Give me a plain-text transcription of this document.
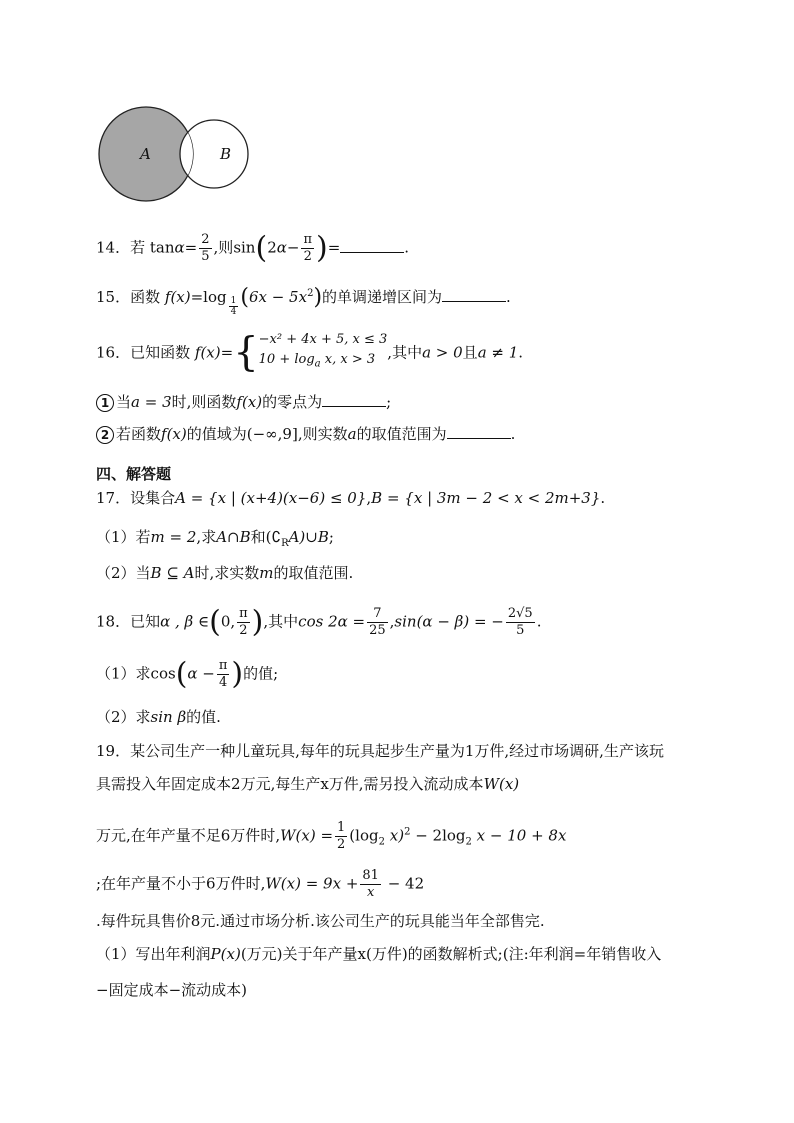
A	B
14．若 $\tan\alpha= \frac{2}{5}$ ,则$\sin(2\alpha- \frac{\pi}{2}$ )=	.
15．函数 $f(x)=\log \frac{1}{4} (6x - 5x^2)$的单调递增区间为	.
16．已知函数 f(x)={ −x² + 4x + 5, x ≤ 3
$10 + \log_a x$, x > 3 ,其中a > 0且a ≠ 1.
1 当a = 3时,则函数f(x)的零点为	;
2 若函数f(x)的值域为(−∞,9],则实数a的取值范围为	.
四、解答题
17．设集合A = {x | (x+4)(x−6) ≤ 0},B = {x | 3m − 2 < x < 2m+3}.
（1）若m = 2,求A∩B和$(∁_RA)\cup B$;
（2）当B ⊆ A时,求实数m的取值范围.
18．已知α , β ∈(0, $\frac{\pi}{2}$ ),其中$\cos 2\alpha = \frac{7}{25} ,\sin(\alpha - \beta)$ = − $\frac{2√5}{5}$ .
（1）求$\cos(\alpha - \frac{\pi}{4}$ )的值;
（2）求sin β的值.
19．某公司生产一种儿童玩具,每年的玩具起步生产量为1万件,经过市场调研,生产该玩
具需投入年固定成本2万元,每生产x万件,需另投入流动成本W(x)
万元,在年产量不足6万件时$,W(x) = \frac{1}{2} (\log_2$ $x)^2 - 2\log_2$ x − 10 + 8x
;在年产量不小于6万件时$,W(x) = 9x + \frac{81}{x} - 42$
.每件玩具售价8元.通过市场分析.该公司生产的玩具能当年全部售完.
（1）写出年利润P(x)(万元)关于年产量x(万件)的函数解析式;(注:年利润=年销售收入
−固定成本−流动成本)
